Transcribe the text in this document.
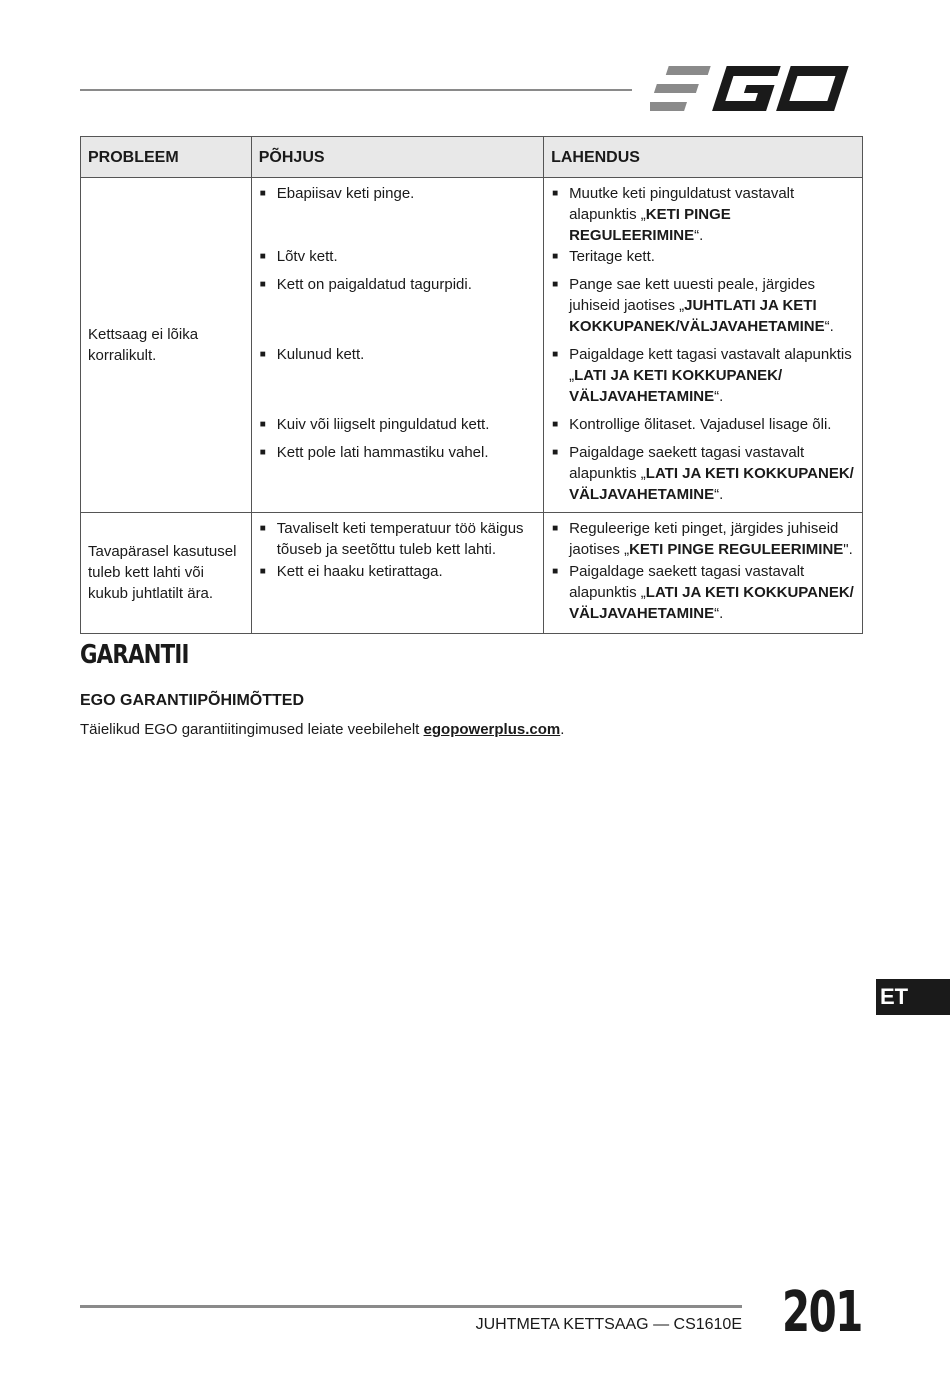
PROBLEEM	PÕHJUS	LAHENDUS
Kettsaag ei lõika korralikult.	■ Ebapiisav keti pinge.	■ Muutke keti pinguldatust vastavalt alapunktis „KETI PINGE REGULEERIMINE“.

	■ Lõtv kett.	■ Teritage kett.

	■ Kett on paigaldatud tagurpidi.	■ Pange sae kett uuesti peale, järgides juhiseid jaotises „JUHTLATI JA KETI KOKKUPANEK/VÄLJAVAHETAMINE“.

	■ Kulunud kett.	■ Paigaldage kett tagasi vastavalt alapunktis „LATI JA KETI KOKKUPANEK/ VÄLJAVAHETAMINE“.

	■ Kuiv või liigselt pinguldatud kett.	■ Kontrollige õlitaset. Vajadusel lisage õli.

	■ Kett pole lati hammastiku vahel.	■ Paigaldage saekett tagasi vastavalt alapunktis „LATI JA KETI KOKKUPANEK/ VÄLJAVAHETAMINE“.

Tavapärasel kasutusel tuleb kett lahti või kukub juhtlatilt ära.	■ Tavaliselt keti temperatuur töö käigus tõuseb ja seetõttu tuleb kett lahti.	■ Reguleerige keti pinget, järgides juhiseid jaotises „KETI PINGE REGULEERIMINE".

	■ Kett ei haaku ketirattaga.	■ Paigaldage saekett tagasi vastavalt alapunktis „LATI JA KETI KOKKUPANEK/ VÄLJAVAHETAMINE“.
GARANTII
EGO GARANTIIPÕHIMÕTTED

Täielikud EGO garantiitingimused leiate veebilehelt egopowerplus.com.

ET
JUHTMETA KETTSAAG — CS1610E 201
